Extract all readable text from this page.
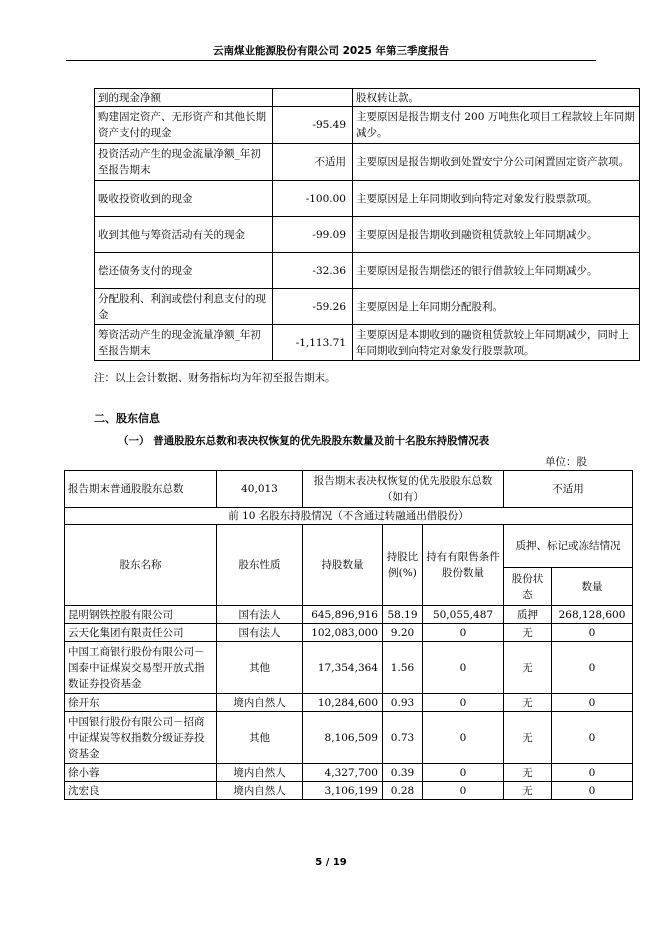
云南煤业能源股份有限公司 2025 年第三季度报告
到的现金净额		股权转让款。
购建固定资产、无形资产和其他长期资产支付的现金	-95.49	主要原因是报告期支付 200 万吨焦化项目工程款较上年同期减少。
投资活动产生的现金流量净额_年初至报告期末	不适用	主要原因是报告期收到处置安宁分公司闲置固定资产款项。
吸收投资收到的现金	-100.00	主要原因是上年同期收到向特定对象发行股票款项。
收到其他与筹资活动有关的现金	-99.09	主要原因是报告期收到融资租赁款较上年同期减少。
偿还债务支付的现金	-32.36	主要原因是报告期偿还的银行借款较上年同期减少。
分配股利、利润或偿付利息支付的现金	-59.26	主要原因是上年同期分配股利。
筹资活动产生的现金流量净额_年初至报告期末	-1,113.71	主要原因是本期收到的融资租赁款较上年同期减少，同时上年同期收到向特定对象发行股票款项。
注：以上会计数据、财务指标均为年初至报告期末。
二、股东信息
（一） 普通股股东总数和表决权恢复的优先股股东数量及前十名股东持股情况表
单位：股
报告期末普通股股东总数	40,013	报告期末表决权恢复的优先股股东总数（如有）			不适用	
前 10 名股东持股情况（不含通过转融通出借股份）						
股东名称	股东性质	持股数量	持股比例(%)	持有有限售条件股份数量	质押、标记或冻结情况	
					股份状态	数量
昆明钢铁控股有限公司	国有法人	645,896,916	58.19	50,055,487	质押	268,128,600
云天化集团有限责任公司	国有法人	102,083,000	9.20	0	无	0
中国工商银行股份有限公司－国泰中证煤炭交易型开放式指数证券投资基金	其他	17,354,364	1.56	0	无	0
徐开东	境内自然人	10,284,600	0.93	0	无	0
中国银行股份有限公司－招商中证煤炭等权指数分级证券投资基金	其他	8,106,509	0.73	0	无	0
徐小蓉	境内自然人	4,327,700	0.39	0	无	0
沈宏良	境内自然人	3,106,199	0.28	0	无	0
5 / 19
